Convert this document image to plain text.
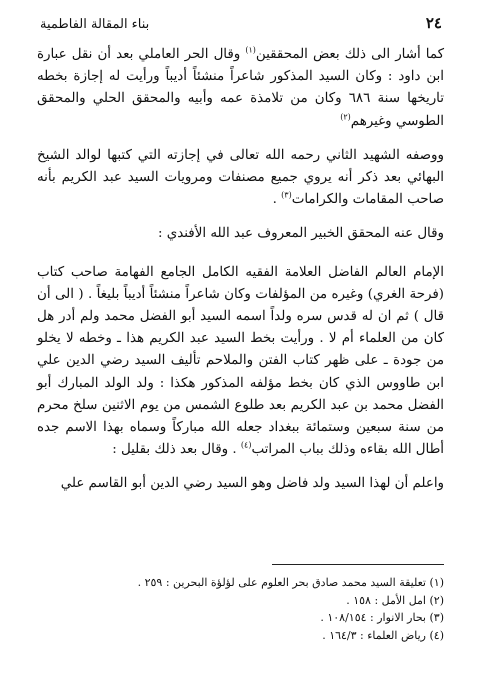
٢٤
بناء المقالة الفاطمية

كما أشار الى ذلك بعض المحققين$^{(١)}$ وقال الحر العاملي بعد أن نقل عبارة ابن داود : وكان السيد المذكور شاعراً منشئاً أديباً ورأيت له إجازة بخطه تاريخها سنة ٦٨٦ وكان من تلامذة عمه وأبيه والمحقق الحلي والمحقق الطوسي وغيرهم$^{(٢)}$

ووصفه الشهيد الثاني رحمه الله تعالى في إجازته التي كتبها لوالد الشيخ البهائي بعد ذكر أنه يروي جميع مصنفات ومرويات السيد عبد الكريم بأنه صاحب المقامات والكرامات$^{(٣)}$ .

وقال عنه المحقق الخبير المعروف عبد الله الأفندي :

الإمام العالم الفاضل العلامة الفقيه الكامل الجامع الفهامة صاحب كتاب (فرحة الغري) وغيره من المؤلفات وكان شاعراً منشئاً أديباً بليغاً . ( الى أن قال ) ثم ان له قدس سره ولداً اسمه السيد أبو الفضل محمد ولم أدر هل كان من العلماء أم لا . ورأيت بخط السيد عبد الكريم هذا ـ وخطه لا يخلو من جودة ـ على ظهر كتاب الفتن والملاحم تأليف السيد رضي الدين علي ابن طاووس الذي كان بخط مؤلفه المذكور هكذا : ولد الولد المبارك أبو الفضل محمد بن عبد الكريم بعد طلوع الشمس من يوم الاثنين سلخ محرم من سنة سبعين وستمائة ببغداد جعله الله مباركاً وسماه بهذا الاسم جده أطال الله بقاءه وذلك بباب المراتب$^{(٤)}$ . وقال بعد ذلك بقليل :

واعلم أن لهذا السيد ولد فاضل وهو السيد رضي الدين أبو القاسم علي

(١) تعليقة السيد محمد صادق بحر العلوم على لؤلؤة البحرين : ٢٥٩ .
(٢) امل الأمل : ١٥٨ .
(٣) بحار الانوار : ١٠٨/١٥٤ .
(٤) رياض العلماء : ١٦٤/٣ .
